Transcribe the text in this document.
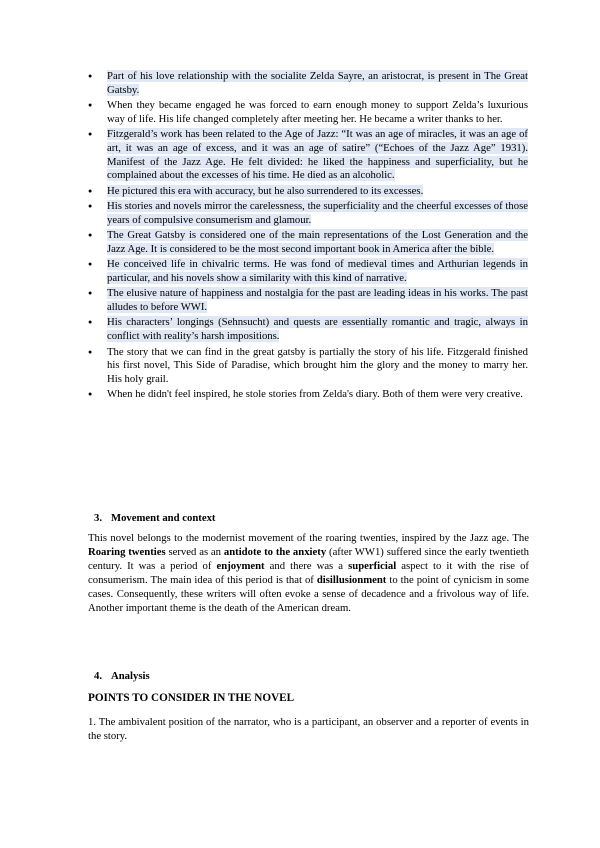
● Part of his love relationship with the socialite Zelda Sayre, an aristocrat, is present in The Great Gatsby.
● When they became engaged he was forced to earn enough money to support Zelda’s luxurious way of life. His life changed completely after meeting her. He became a writer thanks to her.
● Fitzgerald’s work has been related to the Age of Jazz: “It was an age of miracles, it was an age of art, it was an age of excess, and it was an age of satire” (“Echoes of the Jazz Age” 1931). Manifest of the Jazz Age. He felt divided: he liked the happiness and superficiality, but he complained about the excesses of his time. He died as an alcoholic.
● He pictured this era with accuracy, but he also surrendered to its excesses.
● His stories and novels mirror the carelessness, the superficiality and the cheerful excesses of those years of compulsive consumerism and glamour.
● The Great Gatsby is considered one of the main representations of the Lost Generation and the Jazz Age. It is considered to be the most second important book in America after the bible.
● He conceived life in chivalric terms. He was fond of medieval times and Arthurian legends in particular, and his novels show a similarity with this kind of narrative.
● The elusive nature of happiness and nostalgia for the past are leading ideas in his works. The past alludes to before WWI.
● His characters’ longings (Sehnsucht) and quests are essentially romantic and tragic, always in conflict with reality’s harsh impositions.
● The story that we can find in the great gatsby is partially the story of his life. Fitzgerald finished his first novel, This Side of Paradise, which brought him the glory and the money to marry her. His holy grail.
● When he didn't feel inspired, he stole stories from Zelda's diary. Both of them were very creative.
3. Movement and context

This novel belongs to the modernist movement of the roaring twenties, inspired by the Jazz age. The Roaring twenties served as an antidote to the anxiety (after WW1) suffered since the early twentieth century. It was a period of enjoyment and there was a superficial aspect to it with the rise of consumerism. The main idea of this period is that of disillusionment to the point of cynicism in some cases. Consequently, these writers will often evoke a sense of decadence and a frivolous way of life. Another important theme is the death of the American dream.

4. Analysis

POINTS TO CONSIDER IN THE NOVEL

1. The ambivalent position of the narrator, who is a participant, an observer and a reporter of events in the story.
